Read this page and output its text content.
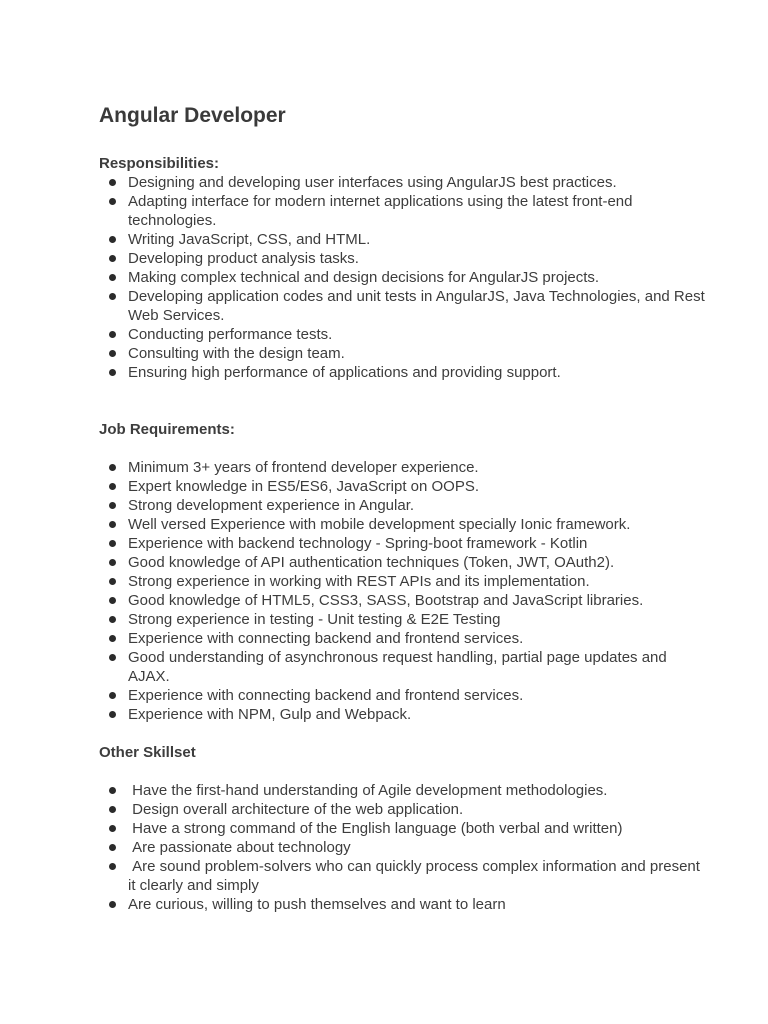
Angular Developer
Responsibilities:
Designing and developing user interfaces using AngularJS best practices.
Adapting interface for modern internet applications using the latest front-end technologies.
Writing JavaScript, CSS, and HTML.
Developing product analysis tasks.
Making complex technical and design decisions for AngularJS projects.
Developing application codes and unit tests in AngularJS, Java Technologies, and Rest Web Services.
Conducting performance tests.
Consulting with the design team.
Ensuring high performance of applications and providing support.
Job Requirements:
Minimum 3+ years of frontend developer experience.
Expert knowledge in ES5/ES6, JavaScript on OOPS.
Strong development experience in Angular.
Well versed Experience with mobile development specially Ionic framework.
Experience with backend technology - Spring-boot framework - Kotlin
Good knowledge of API authentication techniques (Token, JWT, OAuth2).
Strong experience in working with REST APIs and its implementation.
Good knowledge of HTML5, CSS3, SASS, Bootstrap and JavaScript libraries.
Strong experience in testing - Unit testing & E2E Testing
Experience with connecting backend and frontend services.
Good understanding of asynchronous request handling, partial page updates and AJAX.
Experience with connecting backend and frontend services.
Experience with NPM, Gulp and Webpack.
Other Skillset
Have the first-hand understanding of Agile development methodologies.
Design overall architecture of the web application.
Have a strong command of the English language (both verbal and written)
Are passionate about technology
Are sound problem-solvers who can quickly process complex information and present it clearly and simply
Are curious, willing to push themselves and want to learn
